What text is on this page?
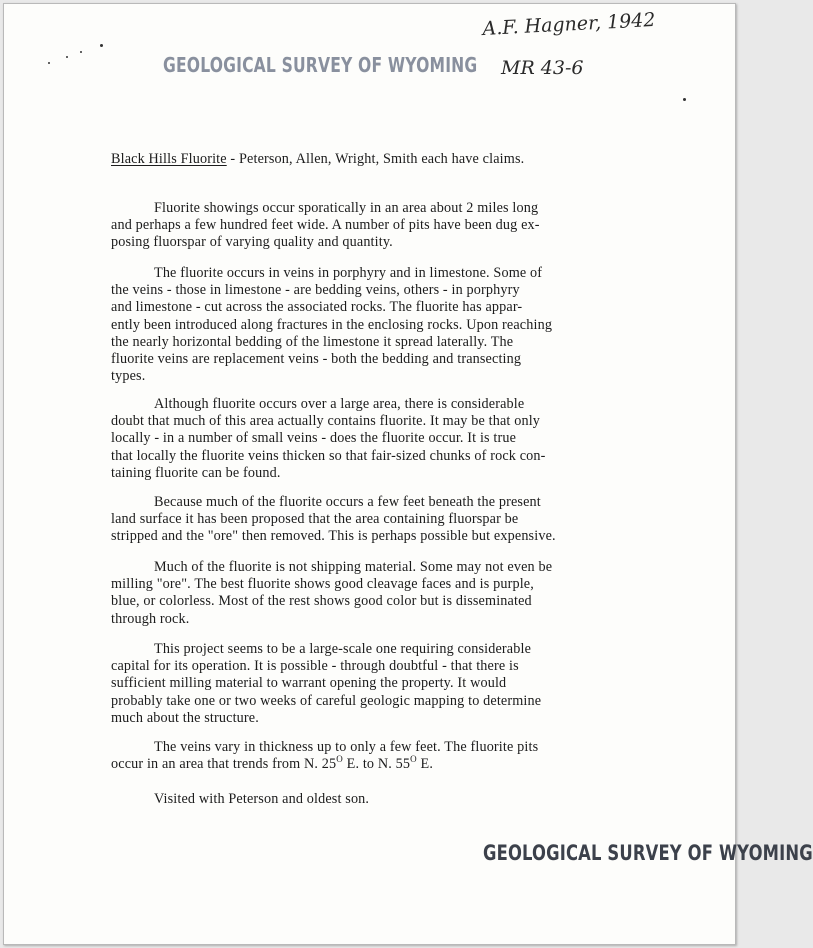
GEOLOGICAL SURVEY OF WYOMING
A.F. Hagner, 1942
MR 43-6
Black Hills Fluorite - Peterson, Allen, Wright, Smith each have claims.
Fluorite showings occur sporatically in an area about 2 miles long
and perhaps a few hundred feet wide. A number of pits have been dug ex-
posing fluorspar of varying quality and quantity.
The fluorite occurs in veins in porphyry and in limestone. Some of
the veins - those in limestone - are bedding veins, others - in porphyry
and limestone - cut across the associated rocks. The fluorite has appar-
ently been introduced along fractures in the enclosing rocks. Upon reaching
the nearly horizontal bedding of the limestone it spread laterally. The
fluorite veins are replacement veins - both the bedding and transecting
types.
Although fluorite occurs over a large area, there is considerable
doubt that much of this area actually contains fluorite. It may be that only
locally - in a number of small veins - does the fluorite occur. It is true
that locally the fluorite veins thicken so that fair-sized chunks of rock con-
taining fluorite can be found.
Because much of the fluorite occurs a few feet beneath the present
land surface it has been proposed that the area containing fluorspar be
stripped and the "ore" then removed. This is perhaps possible but expensive.
Much of the fluorite is not shipping material. Some may not even be
milling "ore". The best fluorite shows good cleavage faces and is purple,
blue, or colorless. Most of the rest shows good color but is disseminated
through rock.
This project seems to be a large-scale one requiring considerable
capital for its operation. It is possible - through doubtful - that there is
sufficient milling material to warrant opening the property. It would
probably take one or two weeks of careful geologic mapping to determine
much about the structure.
The veins vary in thickness up to only a few feet. The fluorite pits
occur in an area that trends from N. $25^O$ E. to N. $55^O$ E.
Visited with Peterson and oldest son.
GEOLOGICAL SURVEY OF WYOMING
